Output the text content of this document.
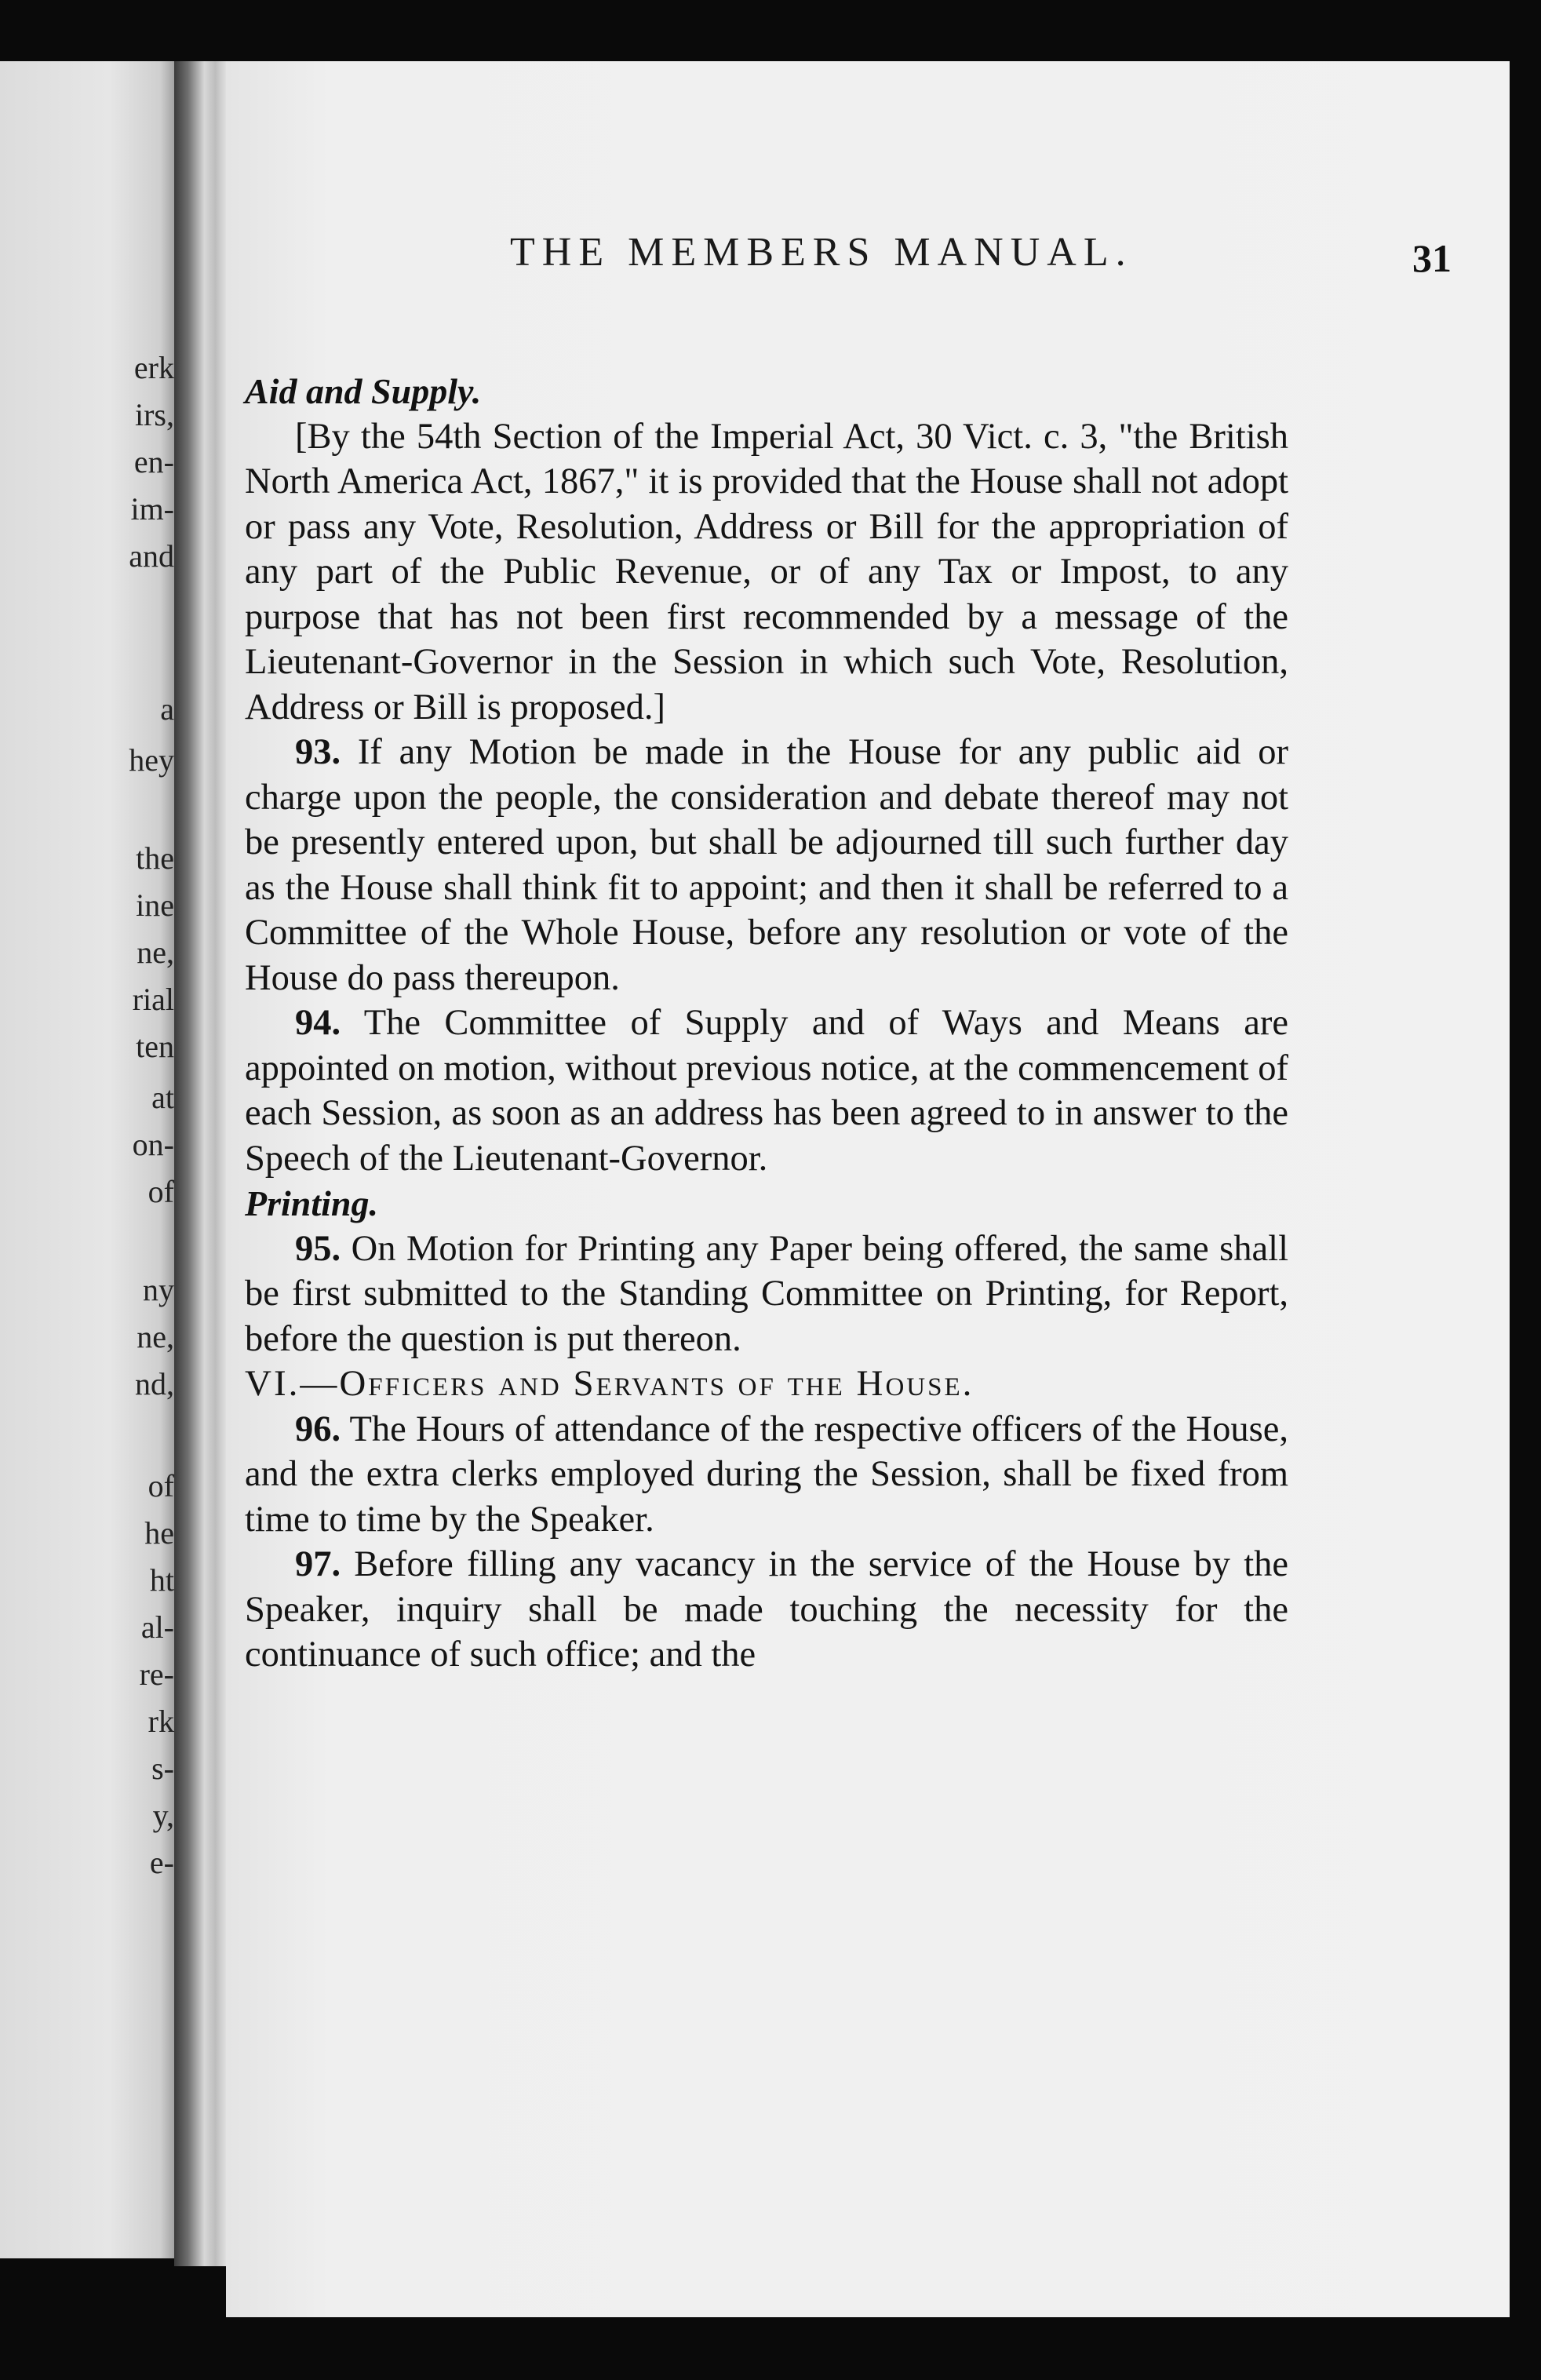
erk
irs,
en-
im-
and
a
hey
the
ine
ne,
rial
ten
at
on-
of
ny
ne,
nd,
of
he
ht
al-
re-
rk
s-
y,
e-
THE MEMBERS MANUAL.	31

Aid and Supply.

[By the 54th Section of the Imperial Act, 30 Vict. c. 3, "the British North America Act, 1867," it is provided that the House shall not adopt or pass any Vote, Resolution, Address or Bill for the appropriation of any part of the Public Revenue, or of any Tax or Impost, to any purpose that has not been first recommended by a message of the Lieutenant-Governor in the Session in which such Vote, Resolution, Address or Bill is proposed.]

93. If any Motion be made in the House for any public aid or charge upon the people, the consideration and debate thereof may not be presently entered upon, but shall be adjourned till such further day as the House shall think fit to appoint; and then it shall be referred to a Committee of the Whole House, before any resolution or vote of the House do pass thereupon.

94. The Committee of Supply and of Ways and Means are appointed on motion, without previous notice, at the commencement of each Session, as soon as an address has been agreed to in answer to the Speech of the Lieutenant-Governor.

Printing.

95. On Motion for Printing any Paper being offered, the same shall be first submitted to the Standing Committee on Printing, for Report, before the question is put thereon.

VI.—Officers and Servants of the House.

96. The Hours of attendance of the respective officers of the House, and the extra clerks employed during the Session, shall be fixed from time to time by the Speaker.

97. Before filling any vacancy in the service of the House by the Speaker, inquiry shall be made touching the necessity for the continuance of such office; and the
